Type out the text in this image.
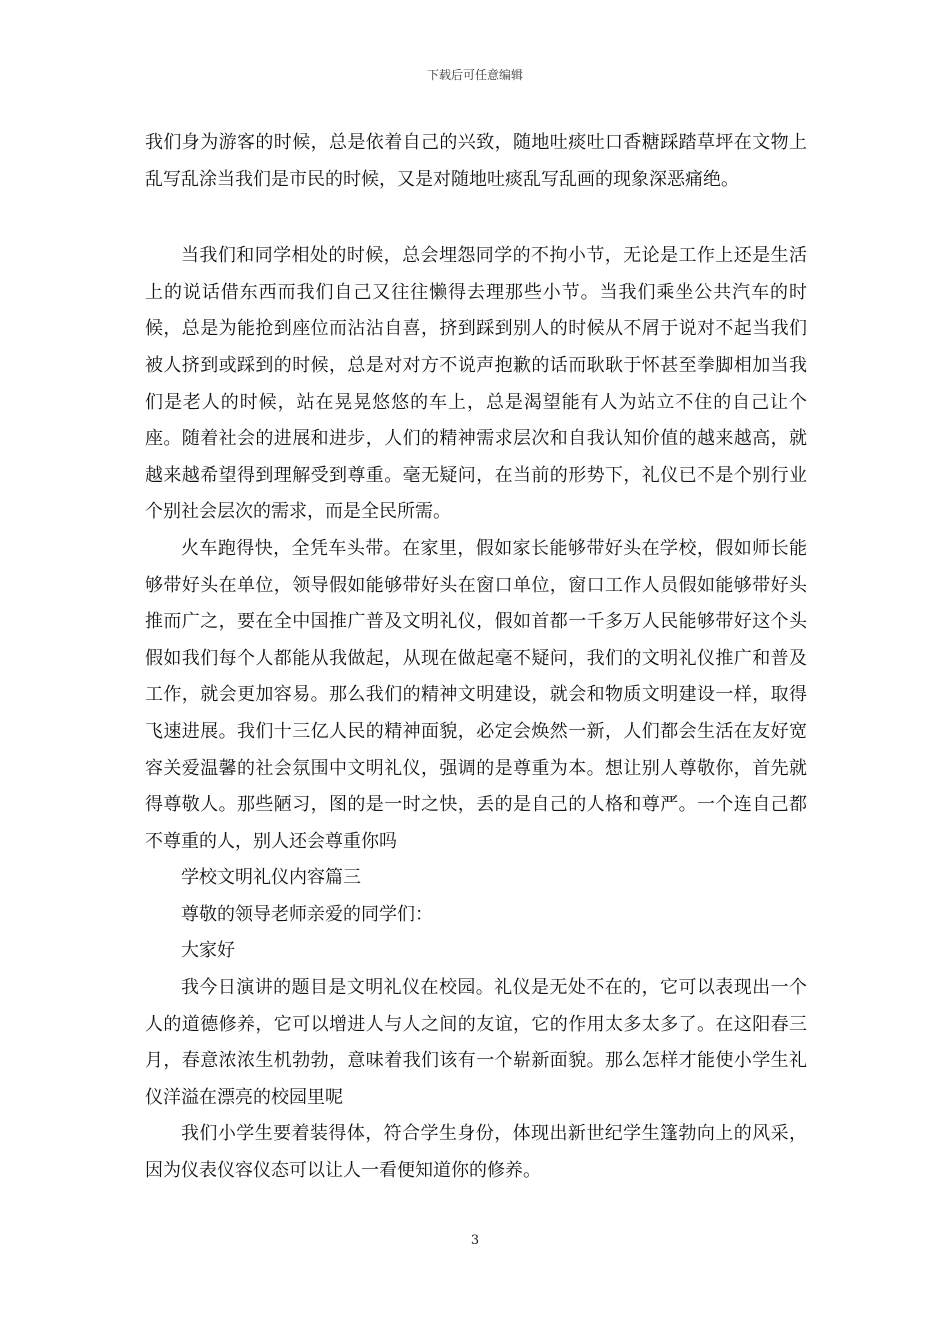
下载后可任意编辑

我们身为游客的时候，总是依着自己的兴致，随地吐痰吐口香糖踩踏草坪在文物上乱写乱涂当我们是市民的时候，又是对随地吐痰乱写乱画的现象深恶痛绝。

当我们和同学相处的时候，总会埋怨同学的不拘小节，无论是工作上还是生活上的说话借东西而我们自己又往往懒得去理那些小节。当我们乘坐公共汽车的时候，总是为能抢到座位而沾沾自喜，挤到踩到别人的时候从不屑于说对不起当我们被人挤到或踩到的时候，总是对对方不说声抱歉的话而耿耿于怀甚至拳脚相加当我们是老人的时候，站在晃晃悠悠的车上，总是渴望能有人为站立不住的自己让个座。随着社会的进展和进步，人们的精神需求层次和自我认知价值的越来越高，就越来越希望得到理解受到尊重。毫无疑问，在当前的形势下，礼仪已不是个别行业个别社会层次的需求，而是全民所需。

火车跑得快，全凭车头带。在家里，假如家长能够带好头在学校，假如师长能够带好头在单位，领导假如能够带好头在窗口单位，窗口工作人员假如能够带好头推而广之，要在全中国推广普及文明礼仪，假如首都一千多万人民能够带好这个头假如我们每个人都能从我做起，从现在做起毫不疑问，我们的文明礼仪推广和普及工作，就会更加容易。那么我们的精神文明建设，就会和物质文明建设一样，取得飞速进展。我们十三亿人民的精神面貌，必定会焕然一新，人们都会生活在友好宽容关爱温馨的社会氛围中文明礼仪，强调的是尊重为本。想让别人尊敬你，首先就得尊敬人。那些陋习，图的是一时之快，丢的是自己的人格和尊严。一个连自己都不尊重的人，别人还会尊重你吗

学校文明礼仪内容篇三

尊敬的领导老师亲爱的同学们：

大家好

我今日演讲的题目是文明礼仪在校园。礼仪是无处不在的，它可以表现出一个人的道德修养，它可以增进人与人之间的友谊，它的作用太多太多了。在这阳春三月，春意浓浓生机勃勃，意味着我们该有一个崭新面貌。那么怎样才能使小学生礼仪洋溢在漂亮的校园里呢

我们小学生要着装得体，符合学生身份，体现出新世纪学生篷勃向上的风采，因为仪表仪容仪态可以让人一看便知道你的修养。

3
